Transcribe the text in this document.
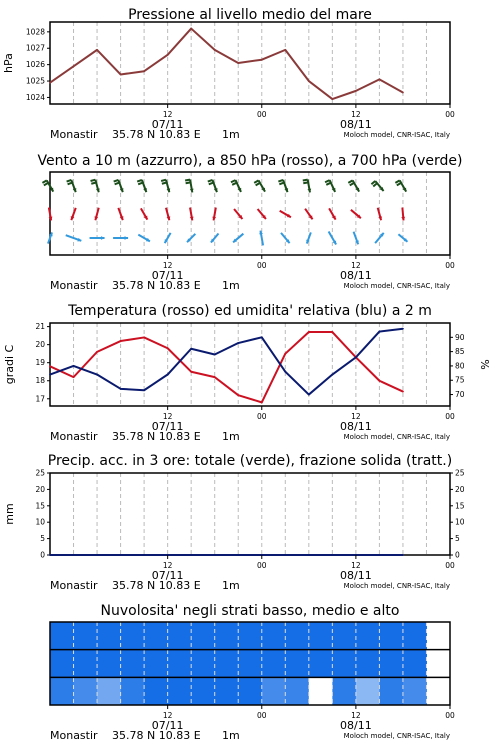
Pressione al livello medio del mare
1024
1025
1026
1027
1028
hPa
12	00	12	00
07/11	08/11
Monastir 35.78 N 10.83 E 1m	Moloch model, CNR-ISAC, Italy
Vento a 10 m (azzurro), a 850 hPa (rosso), a 700 hPa (verde)
12	00	12	00
07/11	08/11
Monastir 35.78 N 10.83 E 1m	Moloch model, CNR-ISAC, Italy
Temperatura (rosso) ed umidita' relativa (blu) a 2 m
17
18
19
20
21
gradi C
70
75
80
85
90
%
12	00	12	00
07/11	08/11
Monastir 35.78 N 10.83 E 1m	Moloch model, CNR-ISAC, Italy
Precip. acc. in 3 ore: totale (verde), frazione solida (tratt.)
0
5
10
15
20
25
mm
0
5
10
15
20
25
12	00	12	00
07/11	08/11
Monastir 35.78 N 10.83 E 1m	Moloch model, CNR-ISAC, Italy
Nuvolosita' negli strati basso, medio e alto
12	00	12	00
07/11	08/11
Monastir 35.78 N 10.83 E 1m	Moloch model, CNR-ISAC, Italy
